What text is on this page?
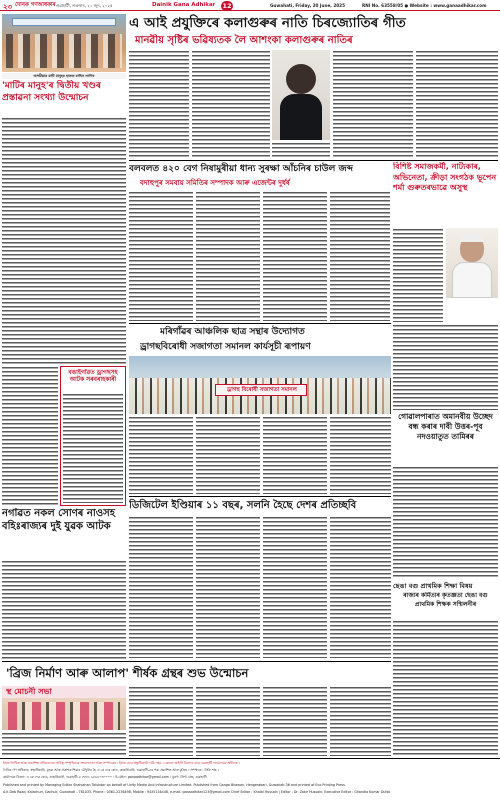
২৩ দৈনিক গণঅধিকাৰ গুৱাহাটী, শুক্ৰবাৰ, ২০ জুন, ২০২৫	Dainik Gana Adhikar 12	Guwahati, Friday, 20 June, 2025	RNI No. 63558/05 ● Website : www.ganaadhikar.com
অসমীয়াৰ মাটি মানুহৰ হাতত ৰাখিব লাগিব
'মাটিৰ মানুহ'ৰ দ্বিতীয় খণ্ডৰ প্ৰস্তাৱনা সংখ্যা উন্মোচন
বঙাইগাঁৱত ড্ৰাগছসহ আটক সৰবৰাহকাৰী
নগাঁৱত নকল সোণৰ নাওসহ বহিঃৰাজ্যৰ দুই যুৱক আটক
এ আই প্ৰযুক্তিৰে কলাগুৰুৰ নাতি চিৰজ্যোতিৰ গীত
মানৱীয় সৃষ্টিৰ ভৱিষ্যতক লৈ আশংকা কলাগুৰুৰ নাতিৰ
বলবলত ৪২০ বেগ নিষামুৰীয়া ধান্য সুৰক্ষা আঁচনিৰ চাউল জব্দ
বদাহুপুৰ সমবায় সমিতিৰ সম্পাদক আৰু এজেন্টৰ দুৰ্ধৰ্ষ
বিশিষ্ট সমাজকৰ্মী, নাট্যকাৰ, অভিনেতা, ক্ৰীড়া সংগঠক ভূপেন শৰ্মা গুৰুতৰভাৱে অসুস্থ
মৰিগাঁৱৰ আঞ্চলিক ছাত্ৰ সন্থাৰ উদ্যোগত
ড্ৰাগছবিৰোধী সজাগতা সমানল কাৰ্যসূচী ৰূপায়ণ
ড্ৰাগছ বিৰোধী সজাগতা সমানল
গোৱালপাৰাত অমানবীয় উচ্ছেদ বন্ধ কৰাৰ দাবী উত্তৰ-পূব নদওয়াতুত তামিৰৰ
ডিজিটেল ইণ্ডিয়াৰ ১১ বছৰ, সলনি হৈছে দেশৰ প্ৰতিচ্ছবি
ছেঙা বগু প্ৰাথমিক শিক্ষা বিষয়
ৰাজ্যৰ কৰ্মিতাৰ কৃতজ্ঞতা ছেঙা বগু প্ৰাথমিক শিক্ষক সন্মিলনীৰ
'ব্ৰিজ নিৰ্মাণ আৰু আলাপ' শীৰ্ষক গ্ৰন্থৰ শুভ উন্মোচন
স্থ মোচনী সভা
ইয়াৰ লিখিত আৰু প্ৰকাশিত প্ৰতিবেদনৰ দায়িত্ব সম্পূৰ্ণভাৱে সংবাদদাতা আৰু সম্পাদকৰ । ইয়াৰ বাবে স্বত্বাধিকাৰী দায়ী নহয় । কোনো আইনী বিবাদৰ বাবে গুৱাহাটী ন্যায়ালয়ৰ অধীনত ।
দৈনিক গণ অধিকাৰ, স্বত্বাধিকাৰী, মুদ্ৰক আৰু প্ৰকাশক শিৱাৰ চৌধুৰীৰ হৈ এ কে দেৱ ৰোড, কাছাৰীবাৰী, গুৱাহাটী-৫ৰ পৰা প্ৰকাশিত আৰু মুদ্ৰিত । সম্পাদক : নিকি শাহ ।
কাৰ্যালয়ৰ ঠিকনা: এ কে দেৱ ৰোড, কাছাৰীবাৰী, গুৱাহাটী-৫ ফোন: ৯৮৬৪০৩০০০০ । ই-মেইল: ganaadhikar@gmail.com । মুদ্ৰণ: প্ৰিণ্ট প্ৰেছ, গুৱাহাটী
Published and printed by Managing Editor Shahjahan Talukdar on behalf of Unity Media And Infrastructure Limited. Published from Ganga Bhawan, Hengerabari, Guwahati-36 and printed at Eco Printing Press.
A.K Deb Road, Kalachuri, Gachuk, Guwahati - 781035. Phone : 0361-2236498, Mobile : 9435116448, e-mail: ganaadhikar123@gmail.com Chief Editor : Khalid Hussain | Editor : Dr. Zakir Hussain, Executive Editor : Ghandia Kumar Dutta
